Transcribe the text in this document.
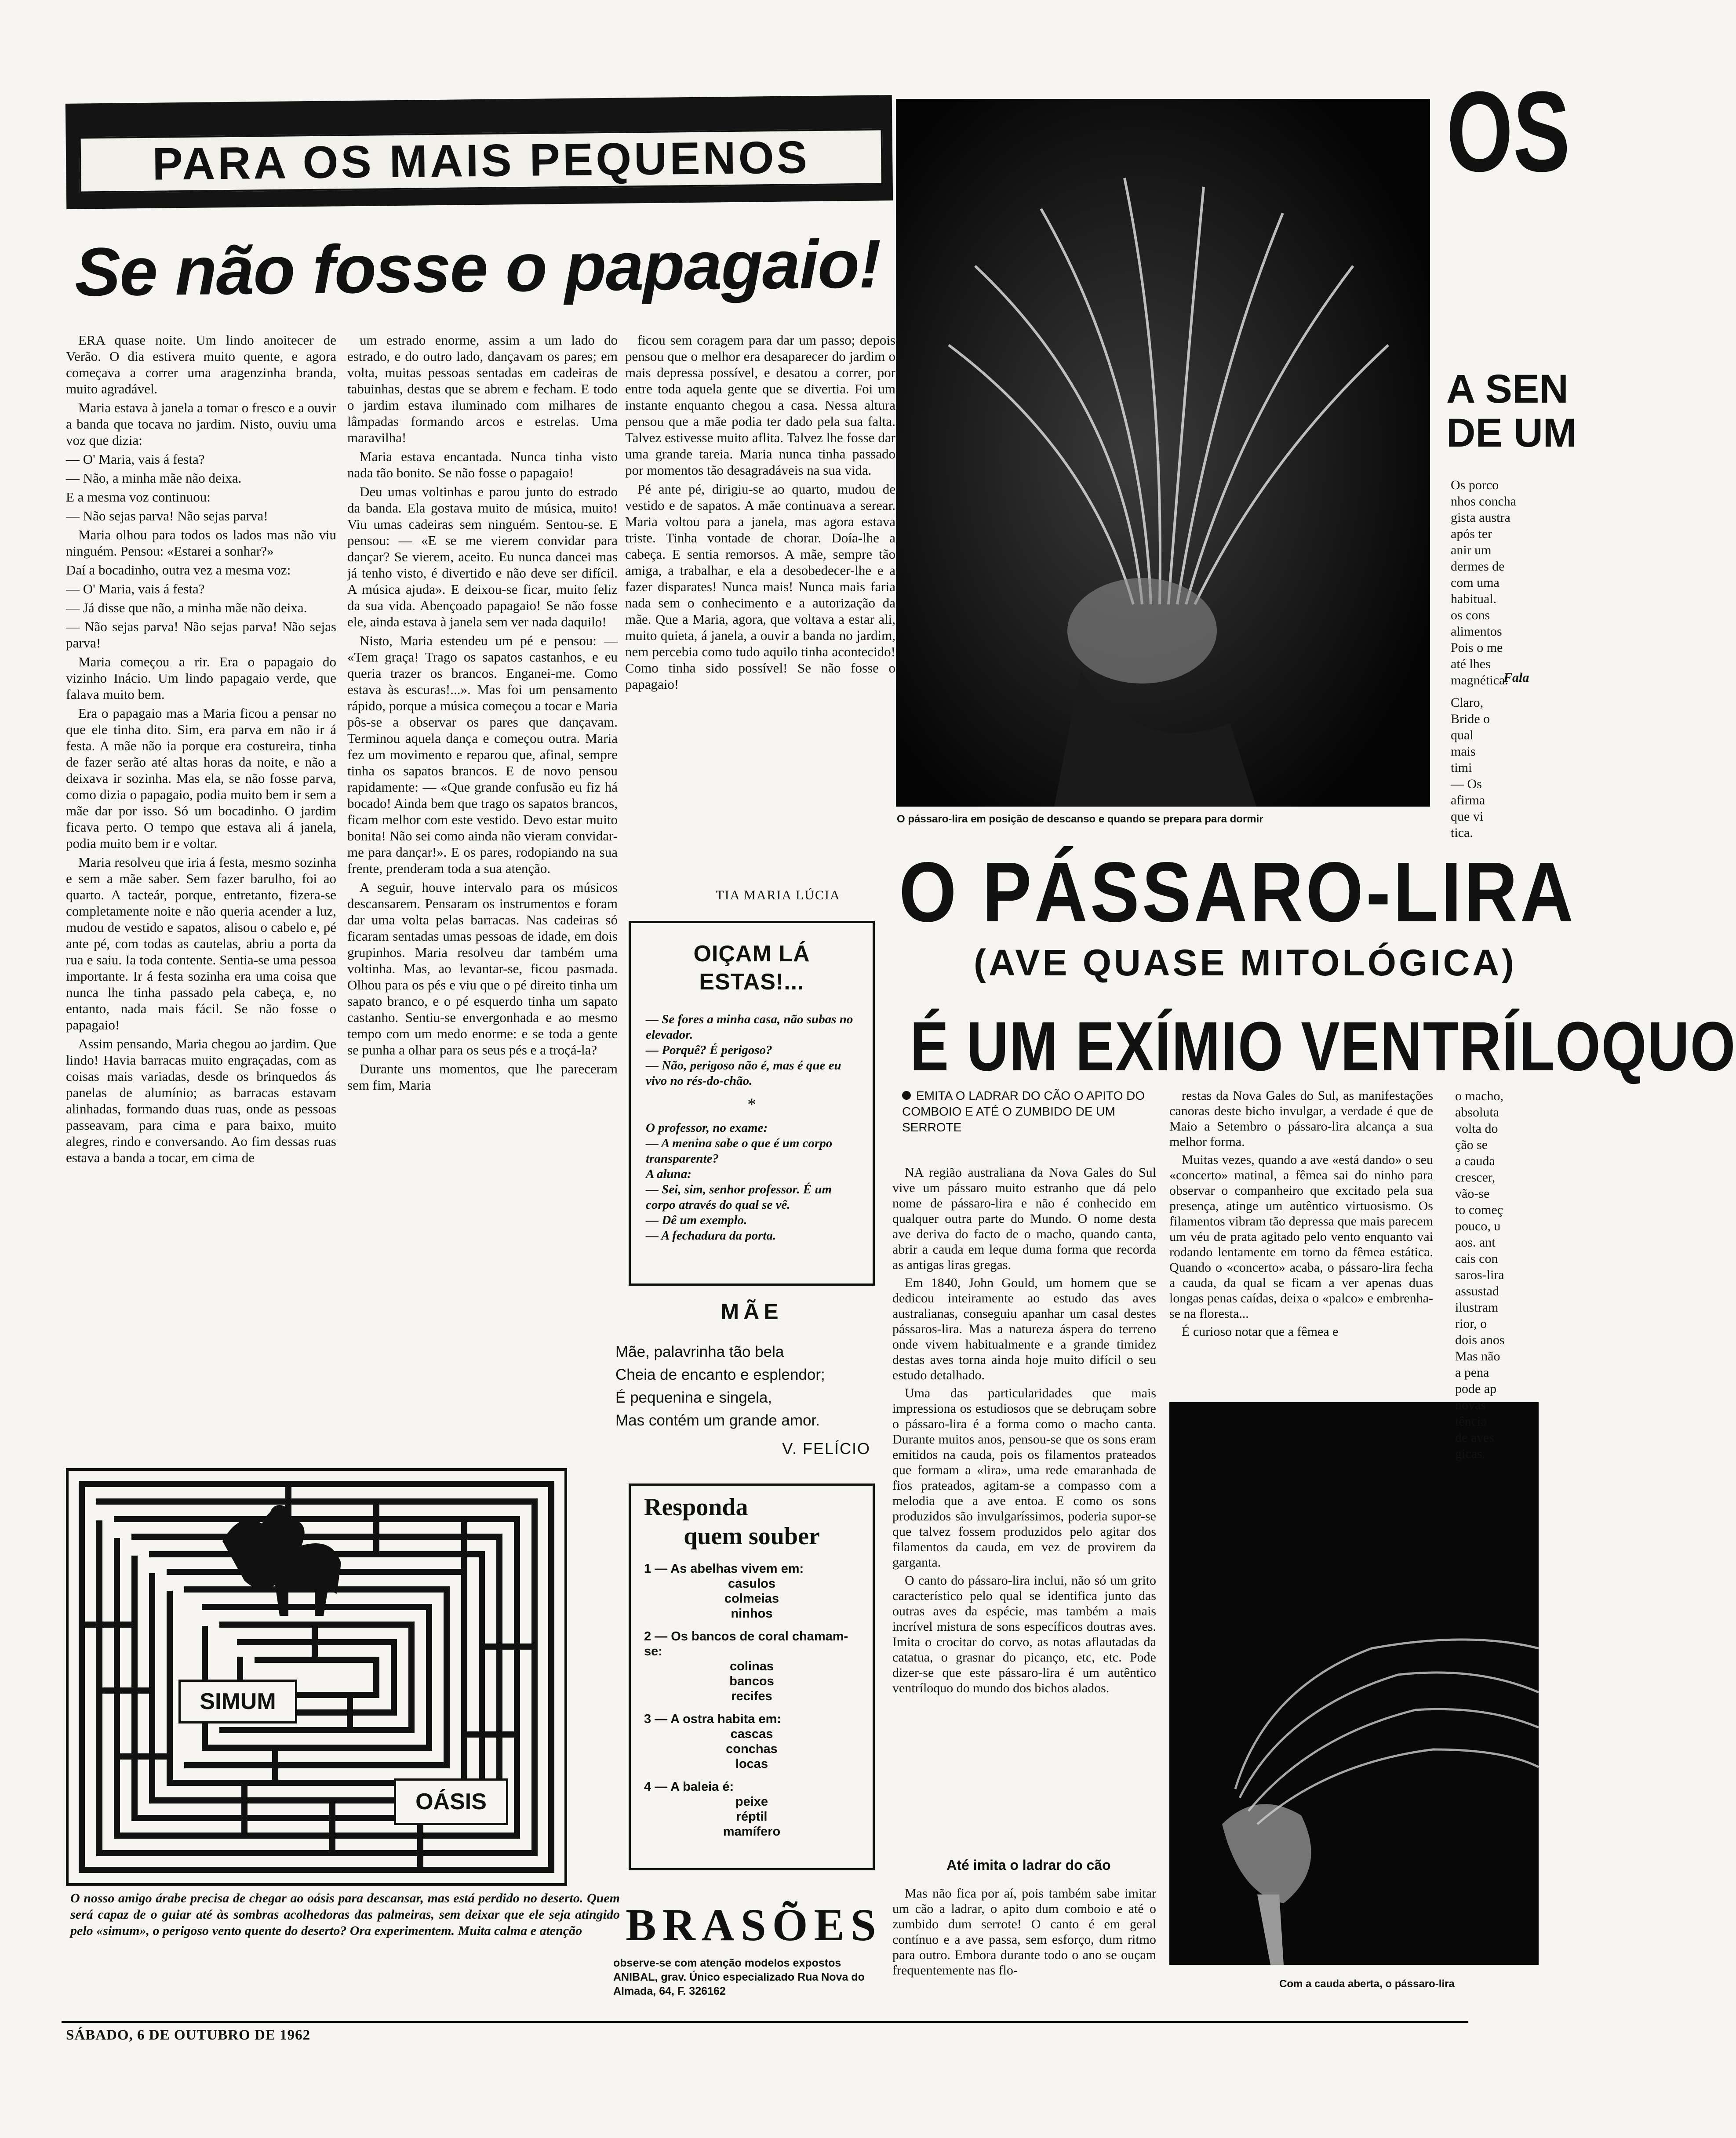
PARA OS MAIS PEQUENOS
Se não fosse o papagaio!

ERA quase noite. Um lindo anoitecer de Verão. O dia estivera muito quente, e agora começava a correr uma aragenzinha branda, muito agradável.

Maria estava à janela a tomar o fresco e a ouvir a banda que tocava no jardim. Nisto, ouviu uma voz que dizia:

— O' Maria, vais á festa?

— Não, a minha mãe não deixa.

E a mesma voz continuou:

— Não sejas parva! Não sejas parva!

Maria olhou para todos os lados mas não viu ninguém. Pensou: «Estarei a sonhar?»

Daí a bocadinho, outra vez a mesma voz:

— O' Maria, vais á festa?

— Já disse que não, a minha mãe não deixa.

— Não sejas parva! Não sejas parva! Não sejas parva!

Maria começou a rir. Era o papagaio do vizinho Inácio. Um lindo papagaio verde, que falava muito bem.

Era o papagaio mas a Maria ficou a pensar no que ele tinha dito. Sim, era parva em não ir á festa. A mãe não ia porque era costureira, tinha de fazer serão até altas horas da noite, e não a deixava ir sozinha. Mas ela, se não fosse parva, como dizia o papagaio, podia muito bem ir sem a mãe dar por isso. Só um bocadinho. O jardim ficava perto. O tempo que estava ali á janela, podia muito bem ir e voltar.

Maria resolveu que iria á festa, mesmo sozinha e sem a mãe saber. Sem fazer barulho, foi ao quarto. A tacteár, porque, entretanto, fizera-se completamente noite e não queria acender a luz, mudou de vestido e sapatos, alisou o cabelo e, pé ante pé, com todas as cautelas, abriu a porta da rua e saiu. Ia toda contente. Sentia-se uma pessoa importante. Ir á festa sozinha era uma coisa que nunca lhe tinha passado pela cabeça, e, no entanto, nada mais fácil. Se não fosse o papagaio!

Assim pensando, Maria chegou ao jardim. Que lindo! Havia barracas muito engraçadas, com as coisas mais variadas, desde os brinquedos ás panelas de alumínio; as barracas estavam alinhadas, formando duas ruas, onde as pessoas passeavam, para cima e para baixo, muito alegres, rindo e conversando. Ao fim dessas ruas estava a banda a tocar, em cima de

um estrado enorme, assim a um lado do estrado, e do outro lado, dançavam os pares; em volta, muitas pessoas sentadas em cadeiras de tabuinhas, destas que se abrem e fecham. E todo o jardim estava iluminado com milhares de lâmpadas formando arcos e estrelas. Uma maravilha!

Maria estava encantada. Nunca tinha visto nada tão bonito. Se não fosse o papagaio!

Deu umas voltinhas e parou junto do estrado da banda. Ela gostava muito de música, muito! Viu umas cadeiras sem ninguém. Sentou-se. E pensou: — «E se me vierem convidar para dançar? Se vierem, aceito. Eu nunca dancei mas já tenho visto, é divertido e não deve ser difícil. A música ajuda». E deixou-se ficar, muito feliz da sua vida. Abençoado papagaio! Se não fosse ele, ainda estava à janela sem ver nada daquilo!

Nisto, Maria estendeu um pé e pensou: — «Tem graça! Trago os sapatos castanhos, e eu queria trazer os brancos. Enganei-me. Como estava às escuras!...». Mas foi um pensamento rápido, porque a música começou a tocar e Maria pôs-se a observar os pares que dançavam. Terminou aquela dança e começou outra. Maria fez um movimento e reparou que, afinal, sempre tinha os sapatos brancos. E de novo pensou rapidamente: — «Que grande confusão eu fiz há bocado! Ainda bem que trago os sapatos brancos, ficam melhor com este vestido. Devo estar muito bonita! Não sei como ainda não vieram convidar-me para dançar!». E os pares, rodopiando na sua frente, prenderam toda a sua atenção.

A seguir, houve intervalo para os músicos descansarem. Pensaram os instrumentos e foram dar uma volta pelas barracas. Nas cadeiras só ficaram sentadas umas pessoas de idade, em dois grupinhos. Maria resolveu dar também uma voltinha. Mas, ao levantar-se, ficou pasmada. Olhou para os pés e viu que o pé direito tinha um sapato branco, e o pé esquerdo tinha um sapato castanho. Sentiu-se envergonhada e ao mesmo tempo com um medo enorme: e se toda a gente se punha a olhar para os seus pés e a troçá-la?

Durante uns momentos, que lhe pareceram sem fim, Maria

ficou sem coragem para dar um passo; depois pensou que o melhor era desaparecer do jardim o mais depressa possível, e desatou a correr, por entre toda aquela gente que se divertia. Foi um instante enquanto chegou a casa. Nessa altura pensou que a mãe podia ter dado pela sua falta. Talvez estivesse muito aflita. Talvez lhe fosse dar uma grande tareia. Maria nunca tinha passado por momentos tão desagradáveis na sua vida.

Pé ante pé, dirigiu-se ao quarto, mudou de vestido e de sapatos. A mãe continuava a serear. Maria voltou para a janela, mas agora estava triste. Tinha vontade de chorar. Doía-lhe a cabeça. E sentia remorsos. A mãe, sempre tão amiga, a trabalhar, e ela a desobedecer-lhe e a fazer disparates! Nunca mais! Nunca mais faria nada sem o conhecimento e a autorização da mãe. Que a Maria, agora, que voltava a estar ali, muito quieta, á janela, a ouvir a banda no jardim, nem percebia como tudo aquilo tinha acontecido! Como tinha sido possível! Se não fosse o papagaio!

TIA MARIA LÚCIA
OIÇAM LÁ ESTAS!...
— Se fores a minha casa, não subas no elevador.
— Porquê? É perigoso?
— Não, perigoso não é, mas é que eu vivo no rés-do-chão.
*
O professor, no exame:
— A menina sabe o que é um corpo transparente?
A aluna:
— Sei, sim, senhor professor. É um corpo através do qual se vê.
— Dê um exemplo.
— A fechadura da porta.
MÃE
Mãe, palavrinha tão bela
Cheia de encanto e esplendor;
É pequenina e singela,
Mas contém um grande amor.
V. FELÍCIO
SIMUM
OÁSIS
O nosso amigo árabe precisa de chegar ao oásis para descansar, mas está perdido no deserto. Quem será capaz de o guiar até às sombras acolhedoras das palmeiras, sem deixar que ele seja atingido pelo «simum», o perigoso vento quente do deserto? Ora experimentem. Muita calma e atenção
Responda
quem souber
1 — As abelhas vivem em:
casulos
colmeias
ninhos
2 — Os bancos de coral chamam-se:
colinas
bancos
recifes
3 — A ostra habita em:
cascas
conchas
locas
4 — A baleia é:
peixe
réptil
mamífero
BRASÕES
observe-se com atenção modelos expostos ANIBAL, grav. Único especializado Rua Nova do Almada, 64, F. 326162
SÁBADO, 6 DE OUTUBRO DE 1962
O pássaro-lira em posição de descanso e quando se prepara para dormir
O PÁSSARO-LIRA
(AVE QUASE MITOLÓGICA)
É UM EXÍMIO VENTRÍLOQUO
EMITA O LADRAR DO CÃO O APITO DO COMBOIO E ATÉ O ZUMBIDO DE UM SERROTE

NA região australiana da Nova Gales do Sul vive um pássaro muito estranho que dá pelo nome de pássaro-lira e não é conhecido em qualquer outra parte do Mundo. O nome desta ave deriva do facto de o macho, quando canta, abrir a cauda em leque duma forma que recorda as antigas liras gregas.

Em 1840, John Gould, um homem que se dedicou inteiramente ao estudo das aves australianas, conseguiu apanhar um casal destes pássaros-lira. Mas a natureza áspera do terreno onde vivem habitualmente e a grande timidez destas aves torna ainda hoje muito difícil o seu estudo detalhado.

Uma das particularidades que mais impressiona os estudiosos que se debruçam sobre o pássaro-lira é a forma como o macho canta. Durante muitos anos, pensou-se que os sons eram emitidos na cauda, pois os filamentos prateados que formam a «lira», uma rede emaranhada de fios prateados, agitam-se a compasso com a melodia que a ave entoa. E como os sons produzidos são invulgaríssimos, poderia supor-se que talvez fossem produzidos pelo agitar dos filamentos da cauda, em vez de provirem da garganta.

O canto do pássaro-lira inclui, não só um grito característico pelo qual se identifica junto das outras aves da espécie, mas também a mais incrível mistura de sons específicos doutras aves. Imita o crocitar do corvo, as notas aflautadas da catatua, o grasnar do picanço, etc, etc. Pode dizer-se que este pássaro-lira é um autêntico ventríloquo do mundo dos bichos alados.

Até imita o ladrar do cão

Mas não fica por aí, pois também sabe imitar um cão a ladrar, o apito dum comboio e até o zumbido dum serrote! O canto é em geral contínuo e a ave passa, sem esforço, dum ritmo para outro. Embora durante todo o ano se ouçam frequentemente nas flo-

restas da Nova Gales do Sul, as manifestações canoras deste bicho invulgar, a verdade é que de Maio a Setembro o pássaro-lira alcança a sua melhor forma.

Muitas vezes, quando a ave «está dando» o seu «concerto» matinal, a fêmea sai do ninho para observar o companheiro que excitado pela sua presença, atinge um autêntico virtuosismo. Os filamentos vibram tão depressa que mais parecem um véu de prata agitado pelo vento enquanto vai rodando lentamente em torno da fêmea estática. Quando o «concerto» acaba, o pássaro-lira fecha a cauda, da qual se ficam a ver apenas duas longas penas caídas, deixa o «palco» e embrenha-se na floresta...

É curioso notar que a fêmea e

Com a cauda aberta, o pássaro-lira
OS
A SEN
DE UM
Os porco
nhos concha
gista austra
após ter
anir um
dermes de
com uma
habitual.
os cons
alimentos
Pois o me
até lhes
magnética.
Fala
Claro,
Bride o
qual
mais
timi
— Os
afirma
que vi
tica.
o macho,
absoluta
volta do
ção se
a cauda
crescer,
vão-se
to começ
pouco, u
aos. ant
cais con
saros-lira
assustad
ilustram
rior, o
dois anos
Mas não
a pena
pode ap
novas
tência
de aves
gicas.
